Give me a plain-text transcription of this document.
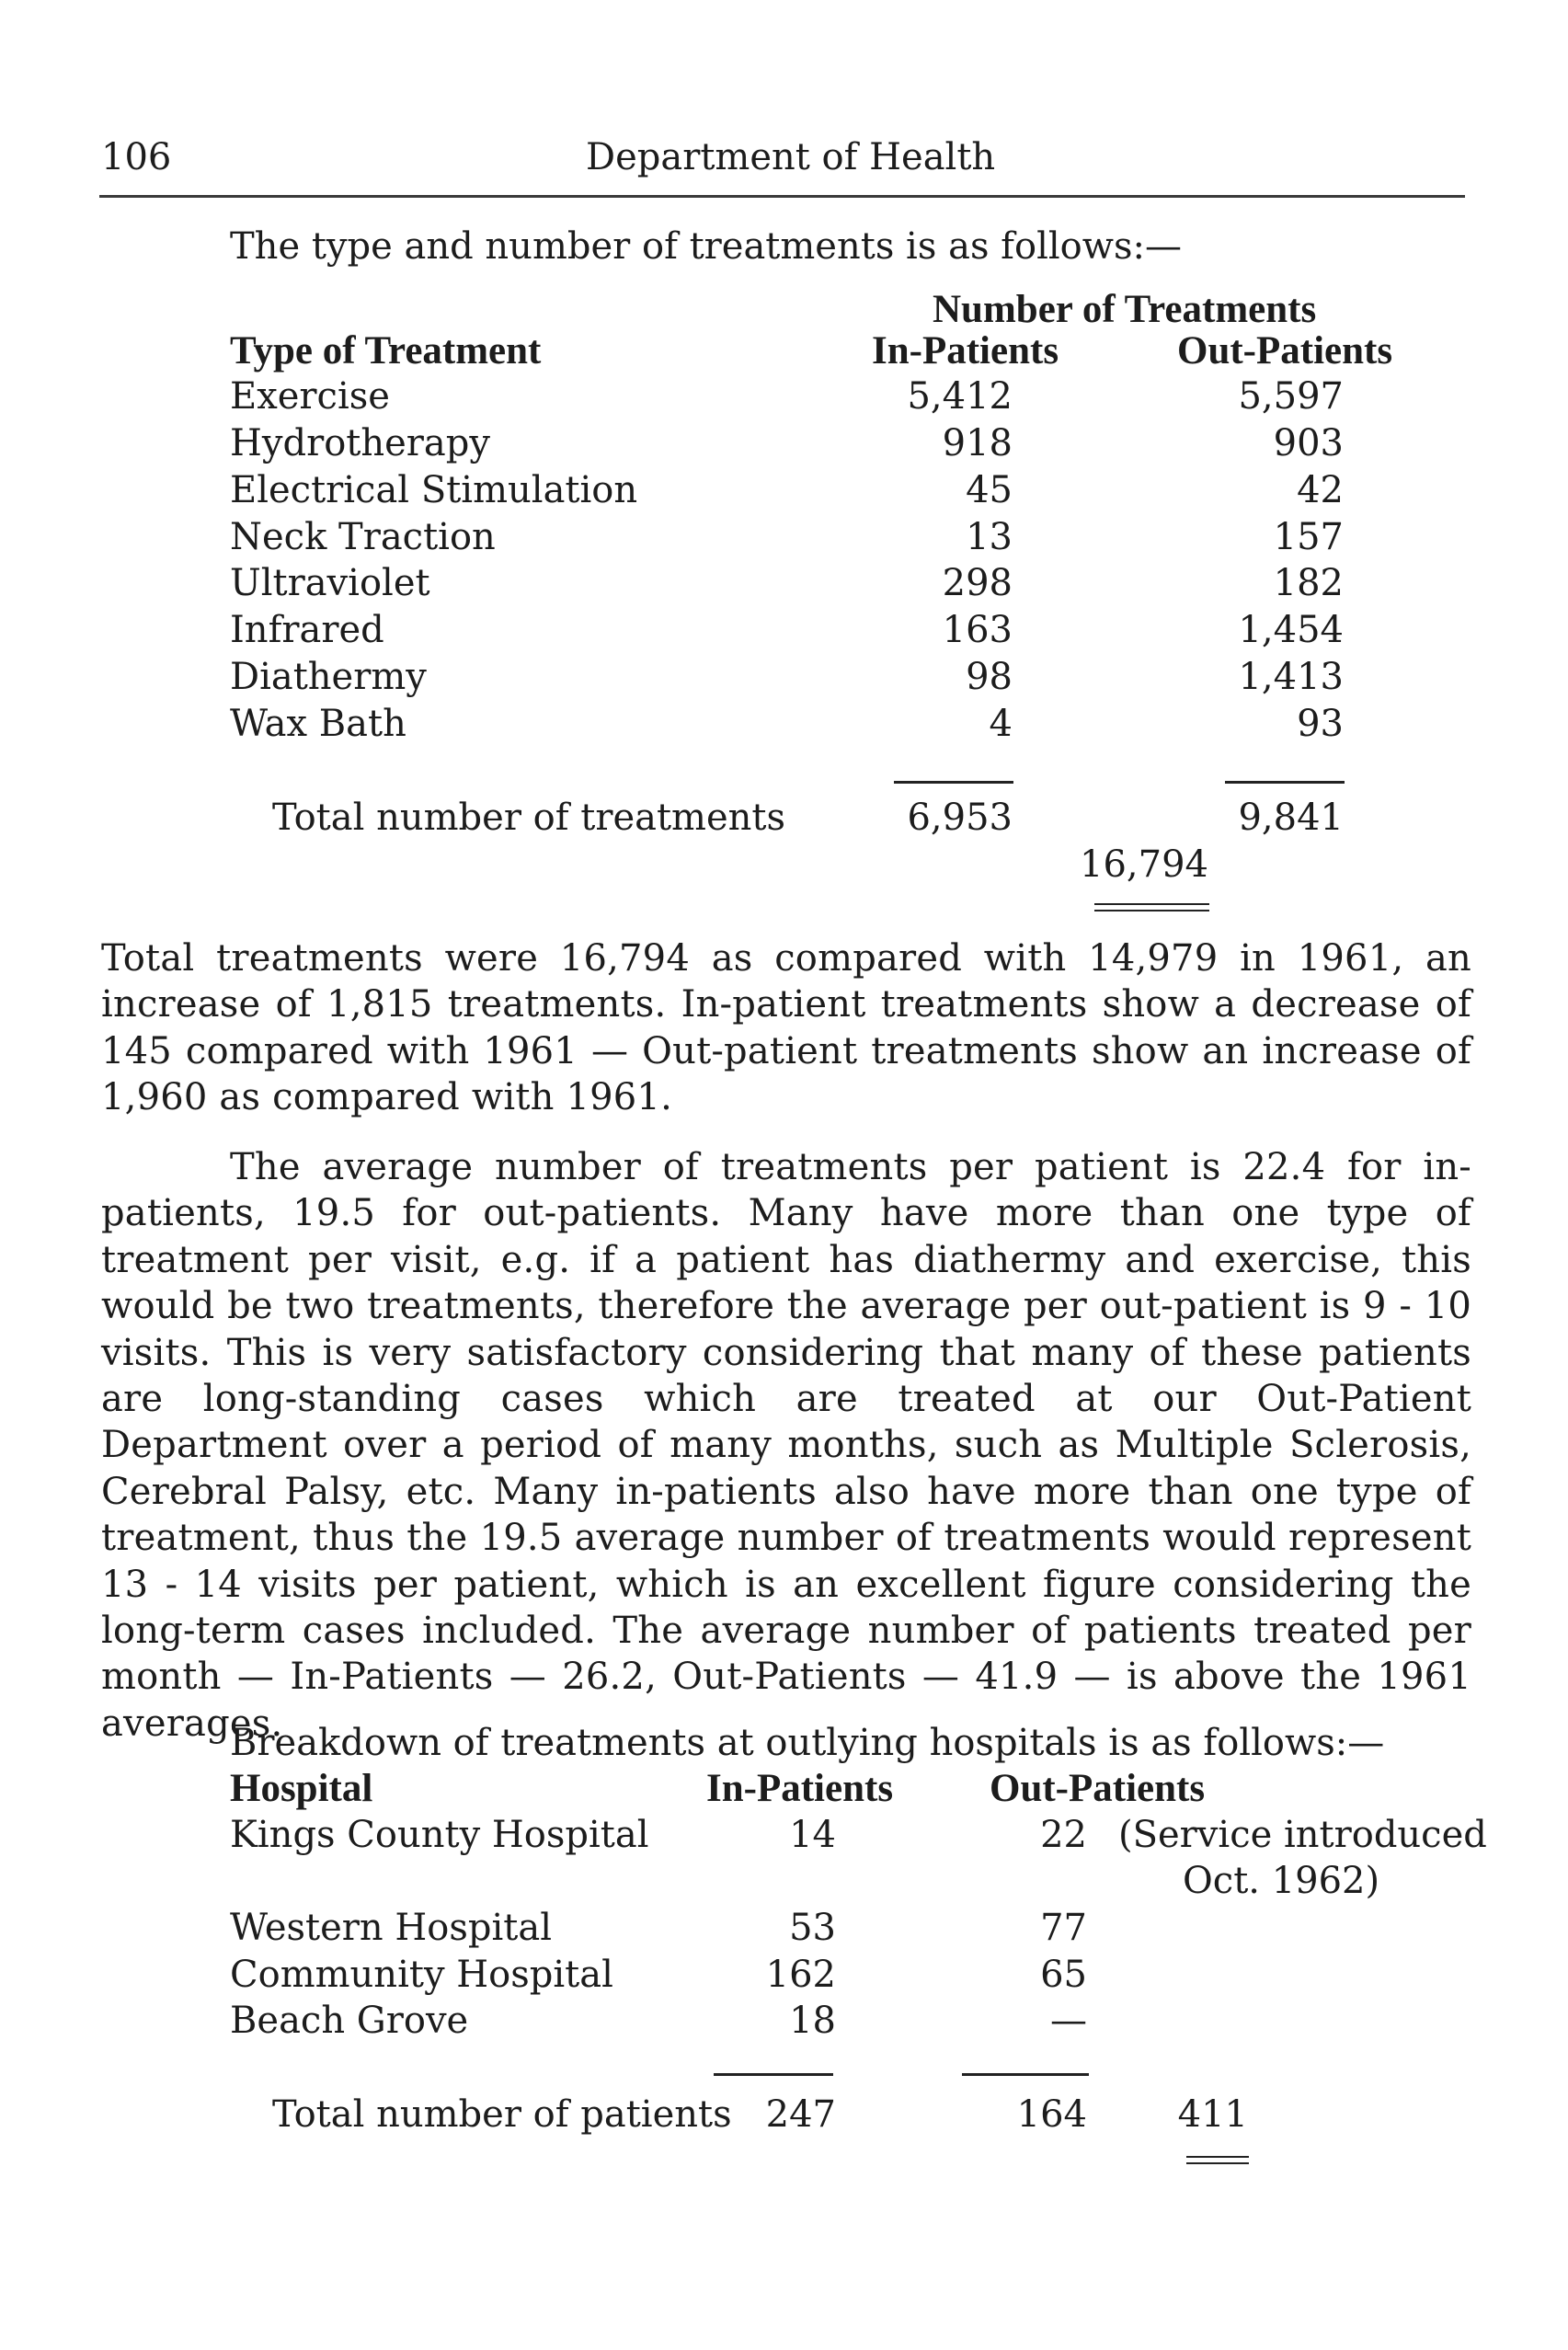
106	Department of Health
The type and number of treatments is as follows:—
Number of Treatments
Type of Treatment	In-Patients	Out-Patients
Exercise	5,412	5,597
Hydrotherapy	918	903
Electrical Stimulation	45	42
Neck Traction	13	157
Ultraviolet	298	182
Infrared	163	1,454
Diathermy	98	1,413
Wax Bath	4	93
Total number of treatments	6,953	9,841
16,794
Total treatments were 16,794 as compared with 14,979 in 1961, an increase of 1,815 treatments. In-patient treatments show a decrease of 145 compared with 1961 — Out-patient treatments show an increase of 1,960 as compared with 1961.
The average number of treatments per patient is 22.4 for in-patients, 19.5 for out-patients. Many have more than one type of treatment per visit, e.g. if a patient has diathermy and exercise, this would be two treatments, therefore the average per out-patient is 9 - 10 visits. This is very satisfactory considering that many of these patients are long-standing cases which are treated at our Out-Patient Department over a period of many months, such as Multiple Sclerosis, Cerebral Palsy, etc. Many in-patients also have more than one type of treatment, thus the 19.5 average number of treatments would represent 13 - 14 visits per patient, which is an excellent figure considering the long-term cases included. The average number of patients treated per month — In-Patients — 26.2, Out-Patients — 41.9 — is above the 1961 averages.
Breakdown of treatments at outlying hospitals is as follows:—
Hospital	In-Patients Out-Patients
Kings County Hospital	14	22 (Service introduced
Oct. 1962)
Western Hospital	53	77
Community Hospital	162	65
Beach Grove	18	—
Total number of patients 247	164 411
